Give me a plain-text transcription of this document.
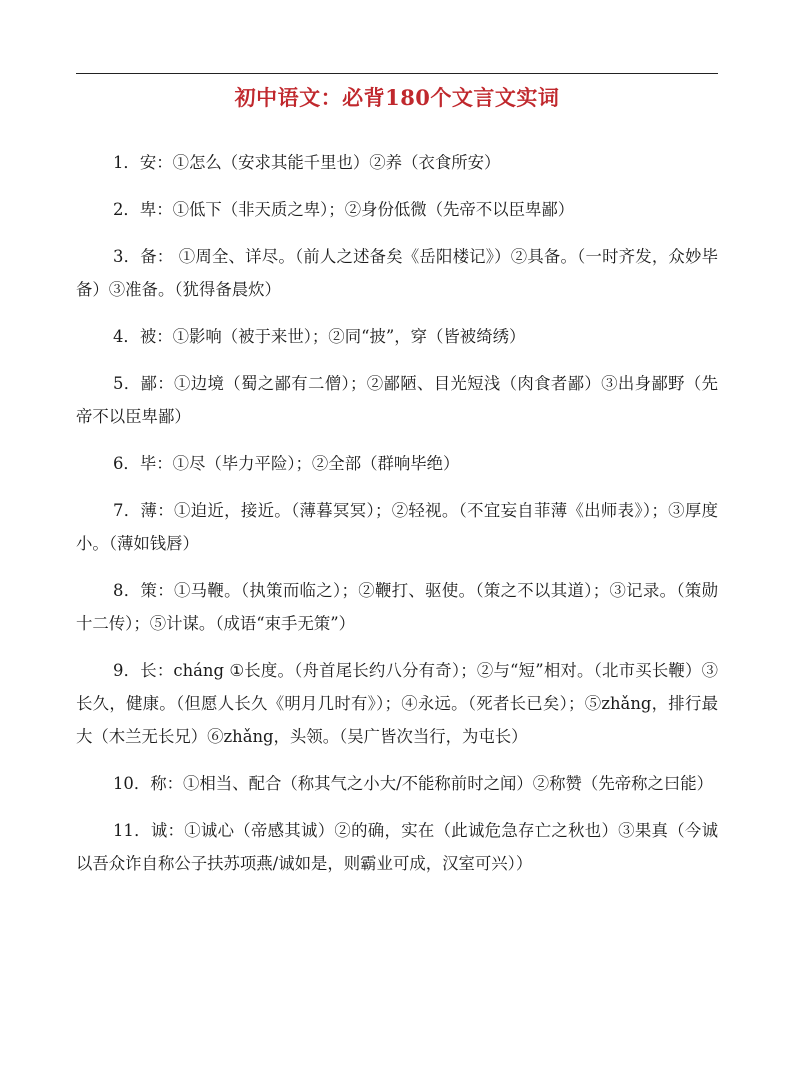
初中语文：必背180个文言文实词

1．安：①怎么（安求其能千里也）②养（衣食所安）

2．卑：①低下（非天质之卑）；②身份低微（先帝不以臣卑鄙）

3．备： ①周全、详尽。（前人之述备矣《岳阳楼记》）②具备。（一时齐发，众妙毕备）③准备。（犹得备晨炊）

4．被：①影响（被于来世）；②同“披”，穿（皆被绮绣）

5．鄙：①边境（蜀之鄙有二僧）；②鄙陋、目光短浅（肉食者鄙）③出身鄙野（先帝不以臣卑鄙）

6．毕：①尽（毕力平险）；②全部（群响毕绝）

7．薄：①迫近，接近。（薄暮冥冥）；②轻视。（不宜妄自菲薄《出师表》）；③厚度小。（薄如钱唇）

8．策：①马鞭。（执策而临之）；②鞭打、驱使。（策之不以其道）；③记录。（策勋十二传）；⑤计谋。（成语“束手无策”）

9．长：cháng ①长度。（舟首尾长约八分有奇）；②与“短”相对。（北市买长鞭）③长久，健康。（但愿人长久《明月几时有》）；④永远。（死者长已矣）；⑤zhǎng，排行最大（木兰无长兄）⑥zhǎng，头领。（吴广皆次当行，为屯长）

10．称：①相当、配合（称其气之小大/不能称前时之闻）②称赞（先帝称之曰能）

11．诚：①诚心（帝感其诚）②的确，实在（此诚危急存亡之秋也）③果真（今诚以吾众诈自称公子扶苏项燕/诚如是，则霸业可成，汉室可兴））
